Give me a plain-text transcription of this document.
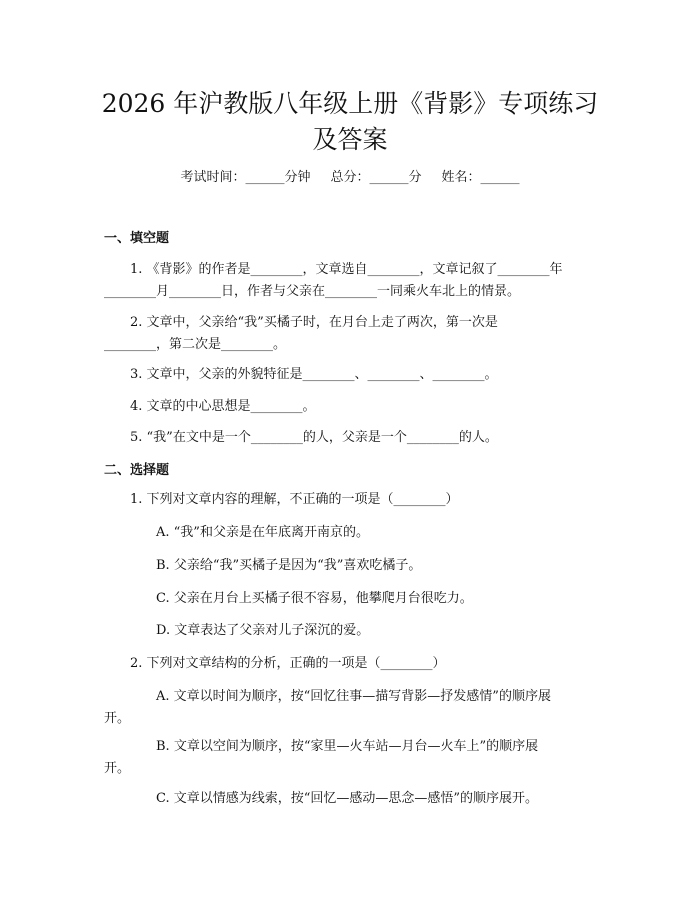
2026 年沪教版八年级上册《背影》专项练习
及答案
考试时间：______分钟 总分：______分 姓名：______
一、填空题
1. 《背影》的作者是________，文章选自________，文章记叙了________年
________月________日，作者与父亲在________一同乘火车北上的情景。
2. 文章中，父亲给“我”买橘子时，在月台上走了两次，第一次是
________，第二次是________。
3. 文章中，父亲的外貌特征是________、________、________。
4. 文章的中心思想是________。
5. “我”在文中是一个________的人，父亲是一个________的人。
二、选择题
1. 下列对文章内容的理解，不正确的一项是（________）
A. “我”和父亲是在年底离开南京的。
B. 父亲给“我”买橘子是因为“我”喜欢吃橘子。
C. 父亲在月台上买橘子很不容易，他攀爬月台很吃力。
D. 文章表达了父亲对儿子深沉的爱。
2. 下列对文章结构的分析，正确的一项是（________）
A. 文章以时间为顺序，按“回忆往事—描写背影—抒发感情”的顺序展
开。
B. 文章以空间为顺序，按“家里—火车站—月台—火车上”的顺序展
开。
C. 文章以情感为线索，按“回忆—感动—思念—感悟”的顺序展开。
